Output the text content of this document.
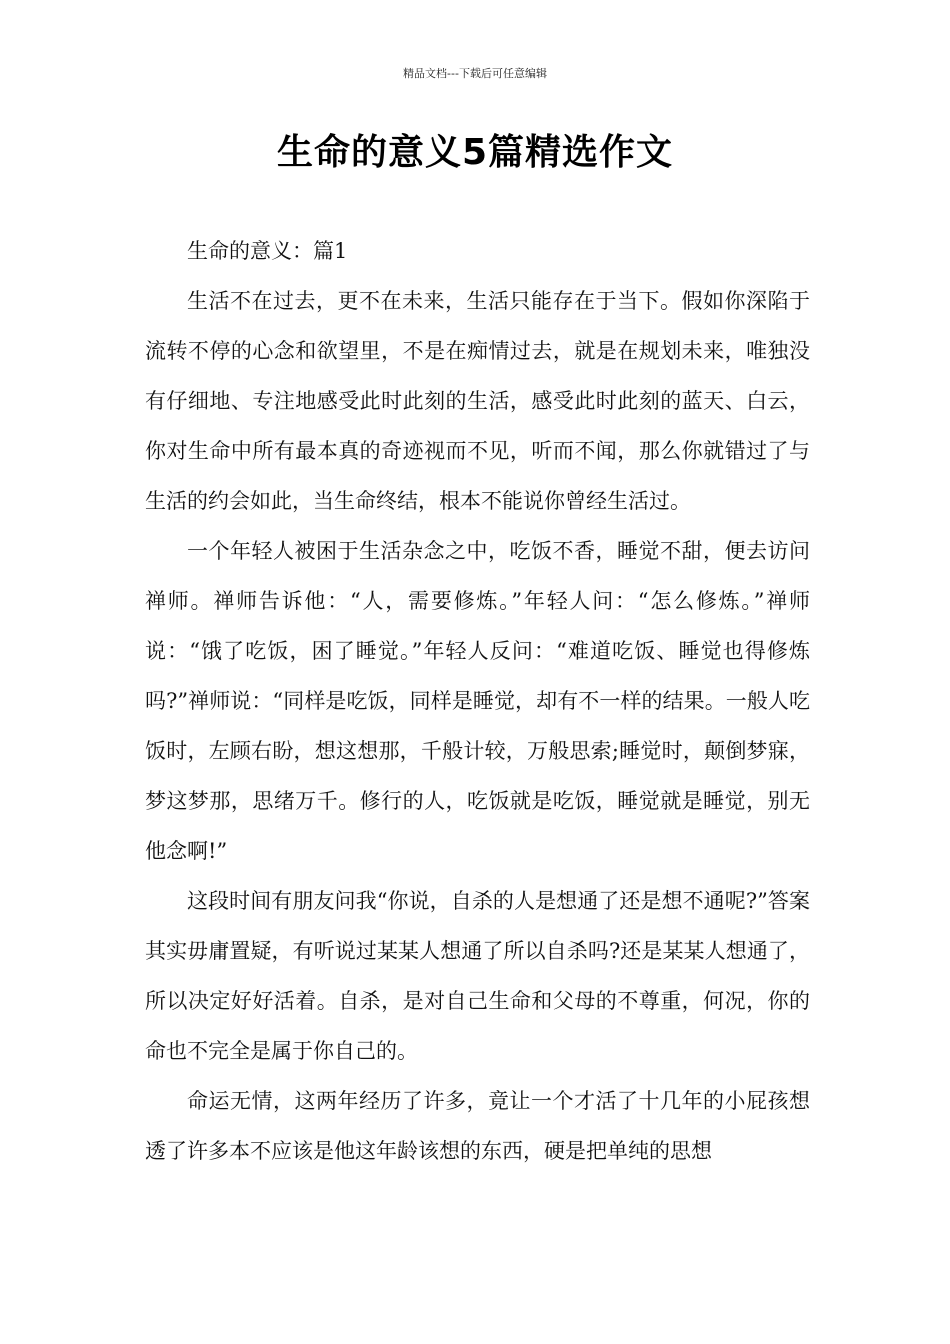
精品文档---下载后可任意编辑
生命的意义5篇精选作文

生命的意义：篇1

生活不在过去，更不在未来，生活只能存在于当下。假如你深陷于流转不停的心念和欲望里，不是在痴情过去，就是在规划未来，唯独没有仔细地、专注地感受此时此刻的生活，感受此时此刻的蓝天、白云，你对生命中所有最本真的奇迹视而不见，听而不闻，那么你就错过了与生活的约会如此，当生命终结，根本不能说你曾经生活过。

一个年轻人被困于生活杂念之中，吃饭不香，睡觉不甜，便去访问禅师。禅师告诉他：“人，需要修炼。”年轻人问：“怎么修炼。”禅师说：“饿了吃饭，困了睡觉。”年轻人反问：“难道吃饭、睡觉也得修炼吗?”禅师说：“同样是吃饭，同样是睡觉，却有不一样的结果。一般人吃饭时，左顾右盼，想这想那，千般计较，万般思索;睡觉时，颠倒梦寐，梦这梦那，思绪万千。修行的人，吃饭就是吃饭，睡觉就是睡觉，别无他念啊!”

这段时间有朋友问我“你说，自杀的人是想通了还是想不通呢?”答案其实毋庸置疑，有听说过某某人想通了所以自杀吗?还是某某人想通了，所以决定好好活着。自杀，是对自己生命和父母的不尊重，何况，你的命也不完全是属于你自己的。

命运无情，这两年经历了许多，竟让一个才活了十几年的小屁孩想透了许多本不应该是他这年龄该想的东西，硬是把单纯的思想
